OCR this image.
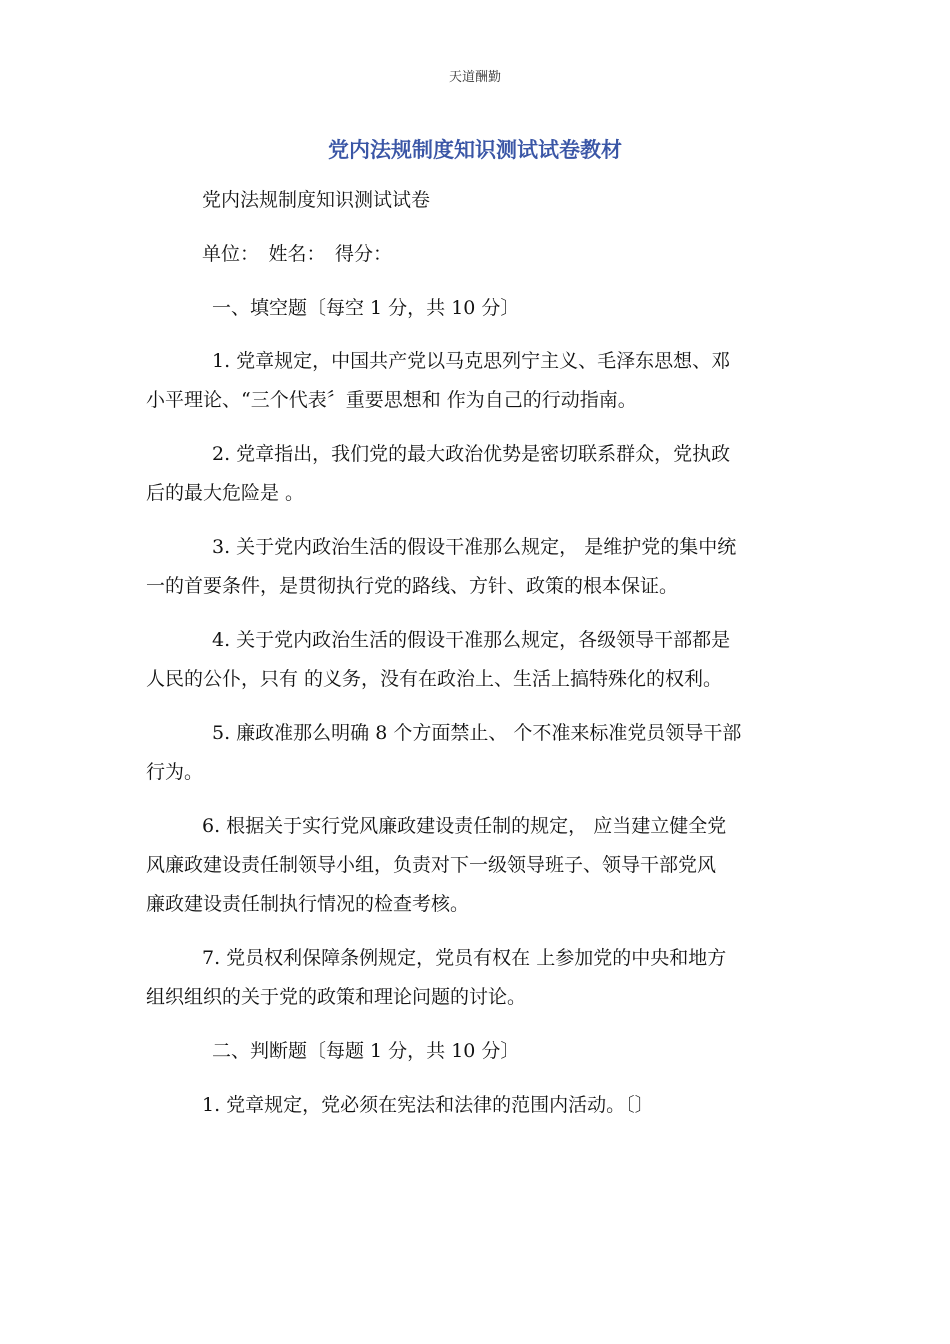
天道酬勤
党内法规制度知识测试试卷教材
党内法规制度知识测试试卷
单位：　姓名：　得分：
一、填空题〔每空 1 分，共 10 分〕
1. 党章规定，中国共产党以马克思列宁主义、毛泽东思想、邓
小平理论、“三个代表〞重要思想和 作为自己的行动指南。
2. 党章指出，我们党的最大政治优势是密切联系群众，党执政
后的最大危险是 。
3. 关于党内政治生活的假设干准那么规定， 是维护党的集中统
一的首要条件，是贯彻执行党的路线、方针、政策的根本保证。
4. 关于党内政治生活的假设干准那么规定，各级领导干部都是
人民的公仆，只有 的义务，没有在政治上、生活上搞特殊化的权利。
5. 廉政准那么明确 8 个方面禁止、 个不准来标准党员领导干部
行为。
6. 根据关于实行党风廉政建设责任制的规定， 应当建立健全党
风廉政建设责任制领导小组，负责对下一级领导班子、领导干部党风
廉政建设责任制执行情况的检查考核。
7. 党员权利保障条例规定，党员有权在 上参加党的中央和地方
组织组织的关于党的政策和理论问题的讨论。
二、判断题〔每题 1 分，共 10 分〕
1. 党章规定，党必须在宪法和法律的范围内活动。〔〕
